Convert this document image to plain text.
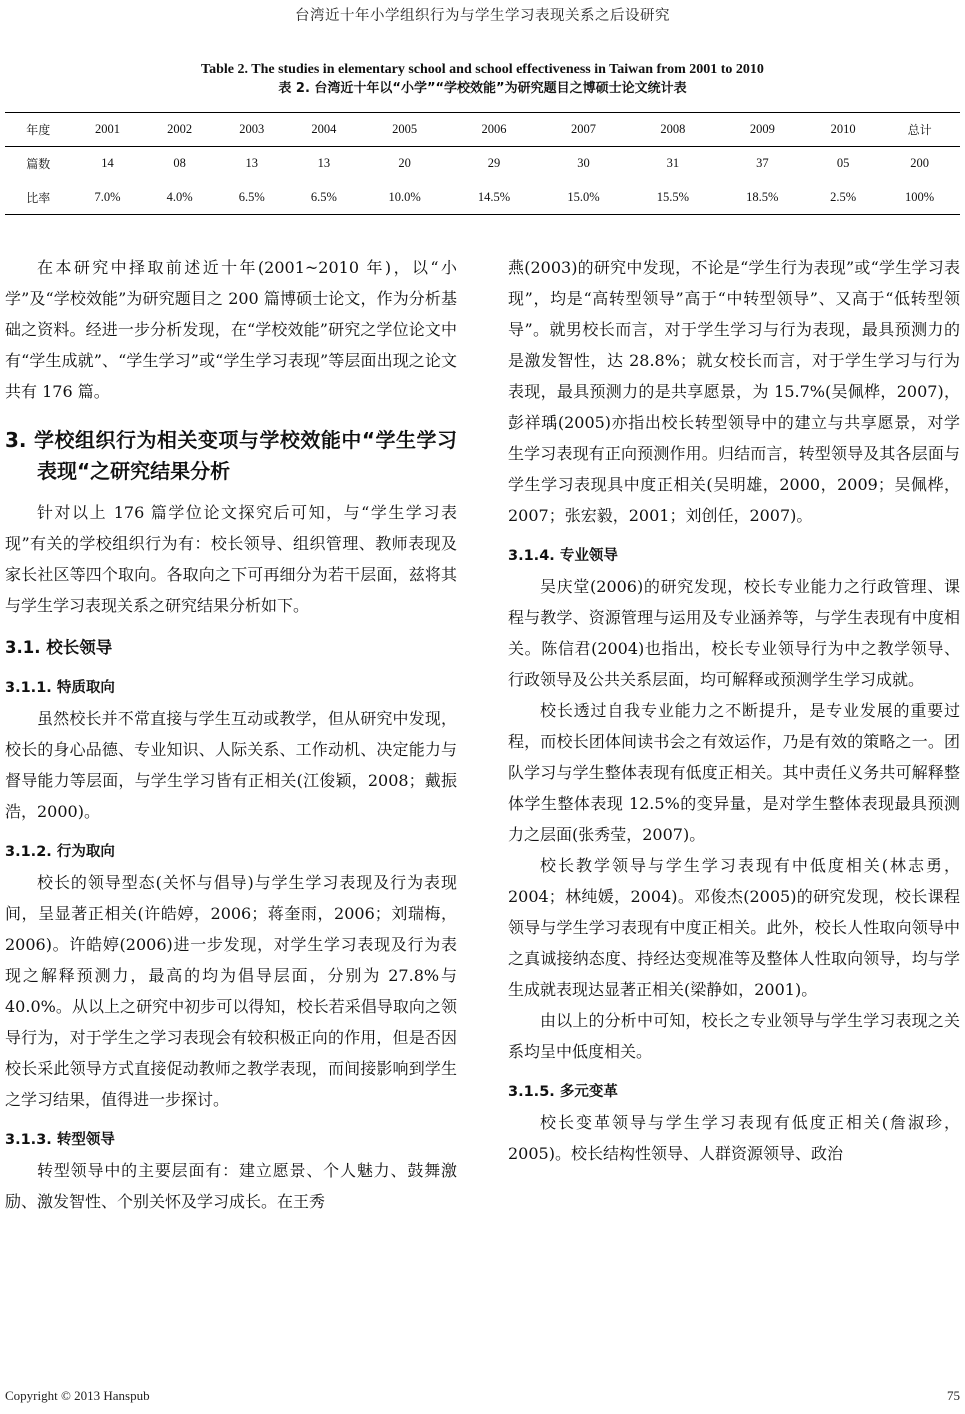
台湾近十年小学组织行为与学生学习表现关系之后设研究
Table 2. The studies in elementary school and school effectiveness in Taiwan from 2001 to 2010
表 2. 台湾近十年以“小学”“学校效能”为研究题目之博硕士论文统计表
年度	2001	2002	2003	2004	2005	2006	2007	2008	2009	2010	总计
篇数	14	08	13	13	20	29	30	31	37	05	200
比率	7.0%	4.0%	6.5%	6.5%	10.0%	14.5%	15.0%	15.5%	18.5%	2.5%	100%

在本研究中择取前述近十年(2001~2010 年)，以“小学”及“学校效能”为研究题目之 200 篇博硕士论文，作为分析基础之资料。经进一步分析发现，在“学校效能”研究之学位论文中有“学生成就”、“学生学习”或“学生学习表现”等层面出现之论文共有 176 篇。

3. 学校组织行为相关变项与学校效能中“学生学习表现“之研究结果分析

针对以上 176 篇学位论文探究后可知，与“学生学习表现”有关的学校组织行为有：校长领导、组织管理、教师表现及家长社区等四个取向。各取向之下可再细分为若干层面，兹将其与学生学习表现关系之研究结果分析如下。

3.1. 校长领导
3.1.1. 特质取向

虽然校长并不常直接与学生互动或教学，但从研究中发现，校长的身心品德、专业知识、人际关系、工作动机、决定能力与督导能力等层面，与学生学习皆有正相关(江俊颖，2008；戴振浩，2000)。

3.1.2. 行为取向

校长的领导型态(关怀与倡导)与学生学习表现及行为表现间，呈显著正相关(许皓婷，2006；蒋奎雨，2006；刘瑞梅，2006)。许皓婷(2006)进一步发现，对学生学习表现及行为表现之解释预测力，最高的均为倡导层面，分别为 27.8%与 40.0%。从以上之研究中初步可以得知，校长若采倡导取向之领导行为，对于学生之学习表现会有较积极正向的作用，但是否因校长采此领导方式直接促动教师之教学表现，而间接影响到学生之学习结果，值得进一步探讨。

3.1.3. 转型领导

转型领导中的主要层面有：建立愿景、个人魅力、鼓舞激励、激发智性、个别关怀及学习成长。在王秀

燕(2003)的研究中发现，不论是“学生行为表现”或“学生学习表现”，均是“高转型领导”高于“中转型领导”、又高于“低转型领导”。就男校长而言，对于学生学习与行为表现，最具预测力的是激发智性，达 28.8%；就女校长而言，对于学生学习与行为表现，最具预测力的是共享愿景，为 15.7%(吴佩桦，2007)，彭祥瑀(2005)亦指出校长转型领导中的建立与共享愿景，对学生学习表现有正向预测作用。归结而言，转型领导及其各层面与学生学习表现具中度正相关(吴明雄，2000，2009；吴佩桦，2007；张宏毅，2001；刘创任，2007)。

3.1.4. 专业领导

吴庆堂(2006)的研究发现，校长专业能力之行政管理、课程与教学、资源管理与运用及专业涵养等，与学生表现有中度相关。陈信君(2004)也指出，校长专业领导行为中之教学领导、行政领导及公共关系层面，均可解释或预测学生学习成就。

校长透过自我专业能力之不断提升，是专业发展的重要过程，而校长团体间读书会之有效运作，乃是有效的策略之一。团队学习与学生整体表现有低度正相关。其中责任义务共可解释整体学生整体表现 12.5%的变异量，是对学生整体表现最具预测力之层面(张秀莹，2007)。

校长教学领导与学生学习表现有中低度相关(林志勇，2004；林纯媛，2004)。邓俊杰(2005)的研究发现，校长课程领导与学生学习表现有中度正相关。此外，校长人性取向领导中之真诚接纳态度、持经达变规准等及整体人性取向领导，均与学生成就表现达显著正相关(梁静如，2001)。

由以上的分析中可知，校长之专业领导与学生学习表现之关系均呈中低度相关。

3.1.5. 多元变革

校长变革领导与学生学习表现有低度正相关(詹淑珍，2005)。校长结构性领导、人群资源领导、政治

Copyright © 2013 Hanspub	75
